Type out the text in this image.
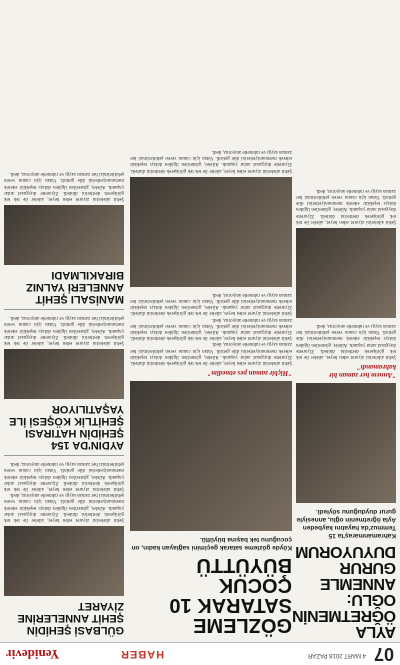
07
4 MART 2018 PAZAR
HABER
Yenidevir
GÜLBASİ ŞEHİDİN ŞEHİT ANNELERİNE ZİYARET
Şehit ailelerini ziyaret eden heyet, aileler ile tek tek görüşerek dertlerini dinledi. Ziyarette duygusal anlar yaşandı. Aileler, gösterilen ilgiden dolayı teşekkür ederek memnuniyetlerini dile getirdi. Vatan için canını veren şehitlerimizi her zaman saygı ve rahmetle anıyoruz, dedi.
Şehit ailelerini ziyaret eden heyet, aileler ile tek tek görüşerek dertlerini dinledi. Ziyarette duygusal anlar yaşandı. Aileler, gösterilen ilgiden dolayı teşekkür ederek memnuniyetlerini dile getirdi. Vatan için canını veren şehitlerimizi her zaman saygı ve rahmetle anıyoruz, dedi.
AYDIN'DA 154 ŞEHİDİN HATIRASI ŞEHİTLİK KÖŞESİ İLE YAŞATILIYOR
Şehit ailelerini ziyaret eden heyet, aileler ile tek tek görüşerek dertlerini dinledi. Ziyarette duygusal anlar yaşandı. Aileler, gösterilen ilgiden dolayı teşekkür ederek memnuniyetlerini dile getirdi. Vatan için canını veren şehitlerimizi her zaman saygı ve rahmetle anıyoruz, dedi.
MANİSALI ŞEHİT ANNELERİ YALNIZ BIRAKILMADI
Şehit ailelerini ziyaret eden heyet, aileler ile tek tek görüşerek dertlerini dinledi. Ziyarette duygusal anlar yaşandı. Aileler, gösterilen ilgiden dolayı teşekkür ederek memnuniyetlerini dile getirdi. Vatan için canını veren şehitlerimizi her zaman saygı ve rahmetle anıyoruz, dedi.
GÖZLEME SATARAK 10 ÇOCUK BÜYÜTTÜ
Köyde gözleme satarak geçimini sağlayan kadın, on çocuğunu tek başına büyüttü.
"Hiçbir zaman pes etmedim"
Şehit ailelerini ziyaret eden heyet, aileler ile tek tek görüşerek dertlerini dinledi. Ziyarette duygusal anlar yaşandı. Aileler, gösterilen ilgiden dolayı teşekkür ederek memnuniyetlerini dile getirdi. Vatan için canını veren şehitlerimizi her zaman saygı ve rahmetle anıyoruz, dedi.
Şehit ailelerini ziyaret eden heyet, aileler ile tek tek görüşerek dertlerini dinledi. Ziyarette duygusal anlar yaşandı. Aileler, gösterilen ilgiden dolayı teşekkür ederek memnuniyetlerini dile getirdi. Vatan için canını veren şehitlerimizi her zaman saygı ve rahmetle anıyoruz, dedi.
Şehit ailelerini ziyaret eden heyet, aileler ile tek tek görüşerek dertlerini dinledi. Ziyarette duygusal anlar yaşandı. Aileler, gösterilen ilgiden dolayı teşekkür ederek memnuniyetlerini dile getirdi. Vatan için canını veren şehitlerimizi her zaman saygı ve rahmetle anıyoruz, dedi.
Şehit ailelerini ziyaret eden heyet, aileler ile tek tek görüşerek dertlerini dinledi. Ziyarette duygusal anlar yaşandı. Aileler, gösterilen ilgiden dolayı teşekkür ederek memnuniyetlerini dile getirdi. Vatan için canını veren şehitlerimizi her zaman saygı ve rahmetle anıyoruz, dedi.
AYLA ÖĞRETMENİN OĞLU: ANNEMLE GURUR DUYUYORUM
Kahramanmaraş'ta 15 Temmuz'da hayatını kaybeden Ayla öğretmenin oğlu, annesiyle gurur duyduğunu söyledi.
"Annem her zaman bir kahramandı"
Şehit ailelerini ziyaret eden heyet, aileler ile tek tek görüşerek dertlerini dinledi. Ziyarette duygusal anlar yaşandı. Aileler, gösterilen ilgiden dolayı teşekkür ederek memnuniyetlerini dile getirdi. Vatan için canını veren şehitlerimizi her zaman saygı ve rahmetle anıyoruz, dedi.
Şehit ailelerini ziyaret eden heyet, aileler ile tek tek görüşerek dertlerini dinledi. Ziyarette duygusal anlar yaşandı. Aileler, gösterilen ilgiden dolayı teşekkür ederek memnuniyetlerini dile getirdi. Vatan için canını veren şehitlerimizi her zaman saygı ve rahmetle anıyoruz, dedi.
